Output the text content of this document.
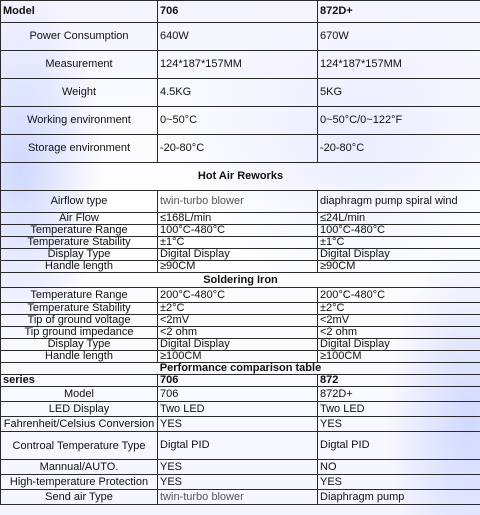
Model	706	872D+
Power Consumption	640W	670W
Measurement	124*187*157MM	124*187*157MM
Weight	4.5KG	5KG
Working environment	0~50°C	0~50°C/0~122°F
Storage environment	-20-80°C	-20-80°C
Hot Air Reworks		
Airflow type	twin-turbo blower	diaphragm pump spiral wind
Air Flow	≤168L/min	≤24L/min
Temperature Range	100°C-480°C	100°C-480°C
Temperature Stability	±1°C	±1°C
Display Type	Digital Display	Digital Display
Handle length	≥90CM	≥90CM
Soldering Iron		
Temperature Range	200°C-480°C	200°C-480°C
Temperature Stability	±2°C	±2°C
Tip of ground voltage	<2mV	<2mV
Tip ground impedance	<2 ohm	<2 ohm
Display Type	Digital Display	Digital Display
Handle length	≥100CM	≥100CM
Performance comparison table		
series	706	872
Model	706	872D+
LED Display	Two LED	Two LED
Fahrenheit/Celsius Conversion	YES	YES
Controal Temperature Type	Digtal PID	Digtal PID
Mannual/AUTO.	YES	NO
High-temperature Protection	YES	YES
Send air Type	twin-turbo blower	Diaphragm pump
